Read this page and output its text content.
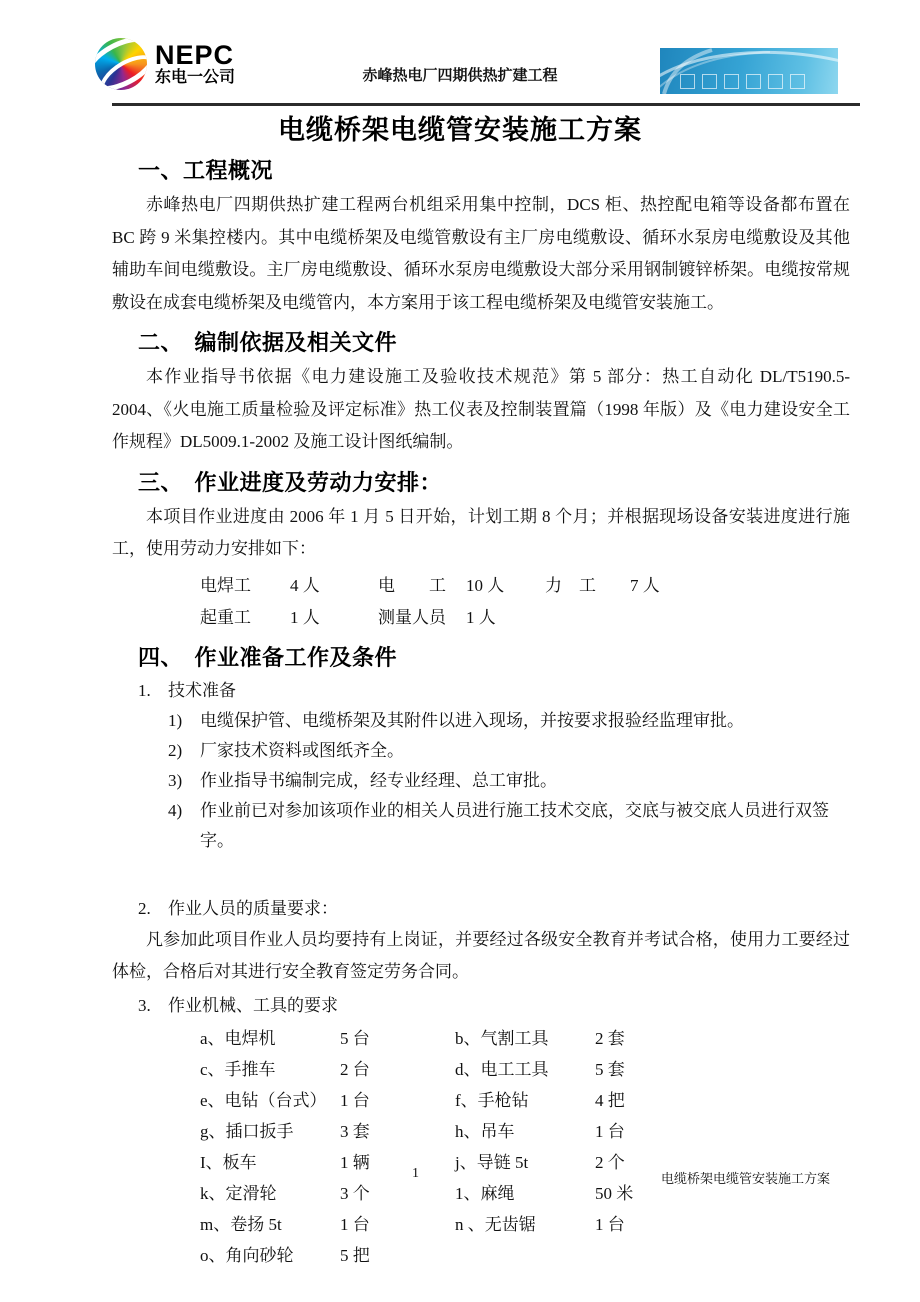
NEPC
东电一公司	赤峰热电厂四期供热扩建工程
电缆桥架电缆管安装施工方案
一、工程概况

赤峰热电厂四期供热扩建工程两台机组采用集中控制，DCS 柜、热控配电箱等设备都布置在 BC 跨 9 米集控楼内。其中电缆桥架及电缆管敷设有主厂房电缆敷设、循环水泵房电缆敷设及其他辅助车间电缆敷设。主厂房电缆敷设、循环水泵房电缆敷设大部分采用钢制镀锌桥架。电缆按常规敷设在成套电缆桥架及电缆管内，本方案用于该工程电缆桥架及电缆管安装施工。

二、　编制依据及相关文件

本作业指导书依据《电力建设施工及验收技术规范》第 5 部分：热工自动化 DL/T5190.5-2004、《火电施工质量检验及评定标准》热工仪表及控制装置篇（1998 年版）及《电力建设安全工作规程》DL5009.1-2002 及施工设计图纸编制。

三、　作业进度及劳动力安排：

本项目作业进度由 2006 年 1 月 5 日开始，计划工期 8 个月；并根据现场设备安装进度进行施工，使用劳动力安排如下：

电焊工	4 人	电　　工	10 人	力　工	7 人
起重工	1 人	测量人员	1 人
四、　作业准备工作及条件
1.	技术准备
1)	电缆保护管、电缆桥架及其附件以进入现场，并按要求报验经监理审批。
2)	厂家技术资料或图纸齐全。
3)	作业指导书编制完成，经专业经理、总工审批。
4)	作业前已对参加该项作业的相关人员进行施工技术交底，交底与被交底人员进行双签字。
2.	作业人员的质量要求：

凡参加此项目作业人员均要持有上岗证，并要经过各级安全教育并考试合格，使用力工要经过体检，合格后对其进行安全教育签定劳务合同。

3.	作业机械、工具的要求
a、电焊机	5 台	b、气割工具	2 套
c、手推车	2 台	d、电工工具	5 套
e、电钻（台式） 1 台	f、手枪钻	4 把
g、插口扳手	3 套	h、吊车	1 台
I、板车	1 辆	j、导链 5t	2 个
k、定滑轮	3 个	1、麻绳	50 米
m、卷扬 5t	1 台	n 、无齿锯	1 台
o、角向砂轮	5 把
1	电缆桥架电缆管安装施工方案
